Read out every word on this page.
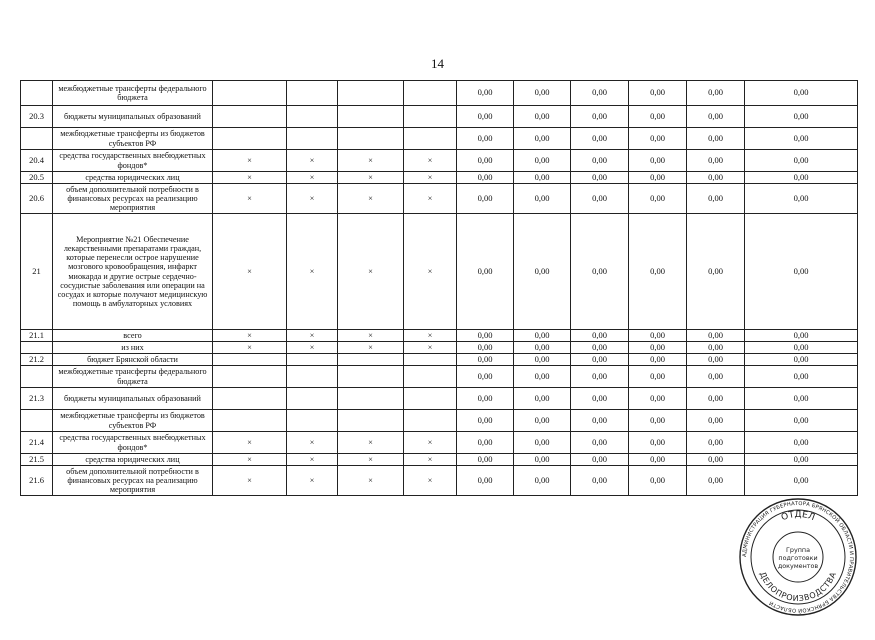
14
	межбюджетные трансферты федерального бюджета					0,00	0,00	0,00	0,00	0,00	0,00
20.3	бюджеты муниципальных образований					0,00	0,00	0,00	0,00	0,00	0,00
	межбюджетные трансферты из бюджетов субъектов РФ					0,00	0,00	0,00	0,00	0,00	0,00
20.4	средства государственных внебюджетных фондов*	×	×	×	×	0,00	0,00	0,00	0,00	0,00	0,00
20.5	средства юридических лиц	×	×	×	×	0,00	0,00	0,00	0,00	0,00	0,00
20.6	объем дополнительной потребности в финансовых ресурсах на реализацию мероприятия	×	×	×	×	0,00	0,00	0,00	0,00	0,00	0,00
21	Мероприятие №21 Обеспечение лекарственными препаратами граждан, которые перенесли острое нарушение мозгового кровообращения, инфаркт миокарда и другие острые сердечно-сосудистые заболевания или операции на сосудах и которые получают медицинскую помощь в амбулаторных условиях	×	×	×	×	0,00	0,00	0,00	0,00	0,00	0,00
21.1	всего	×	×	×	×	0,00	0,00	0,00	0,00	0,00	0,00
	из них	×	×	×	×	0,00	0,00	0,00	0,00	0,00	0,00
21.2	бюджет Брянской области					0,00	0,00	0,00	0,00	0,00	0,00
	межбюджетные трансферты федерального бюджета					0,00	0,00	0,00	0,00	0,00	0,00
21.3	бюджеты муниципальных образований					0,00	0,00	0,00	0,00	0,00	0,00
	межбюджетные трансферты из бюджетов субъектов РФ					0,00	0,00	0,00	0,00	0,00	0,00
21.4	средства государственных внебюджетных фондов*	×	×	×	×	0,00	0,00	0,00	0,00	0,00	0,00
21.5	средства юридических лиц	×	×	×	×	0,00	0,00	0,00	0,00	0,00	0,00
21.6	объем дополнительной потребности в финансовых ресурсах на реализацию мероприятия	×	×	×	×	0,00	0,00	0,00	0,00	0,00	0,00
АДМИНИСТРАЦИЯ ГУБЕРНАТОРА БРЯНСКОЙ ОБЛАСТИ И ПРАВИТЕЛЬСТВА БРЯНСКОЙ ОБЛАСТИ
ОТДЕЛ
ДЕЛОПРОИЗВОДСТВА
Группа
подготовки
документов
